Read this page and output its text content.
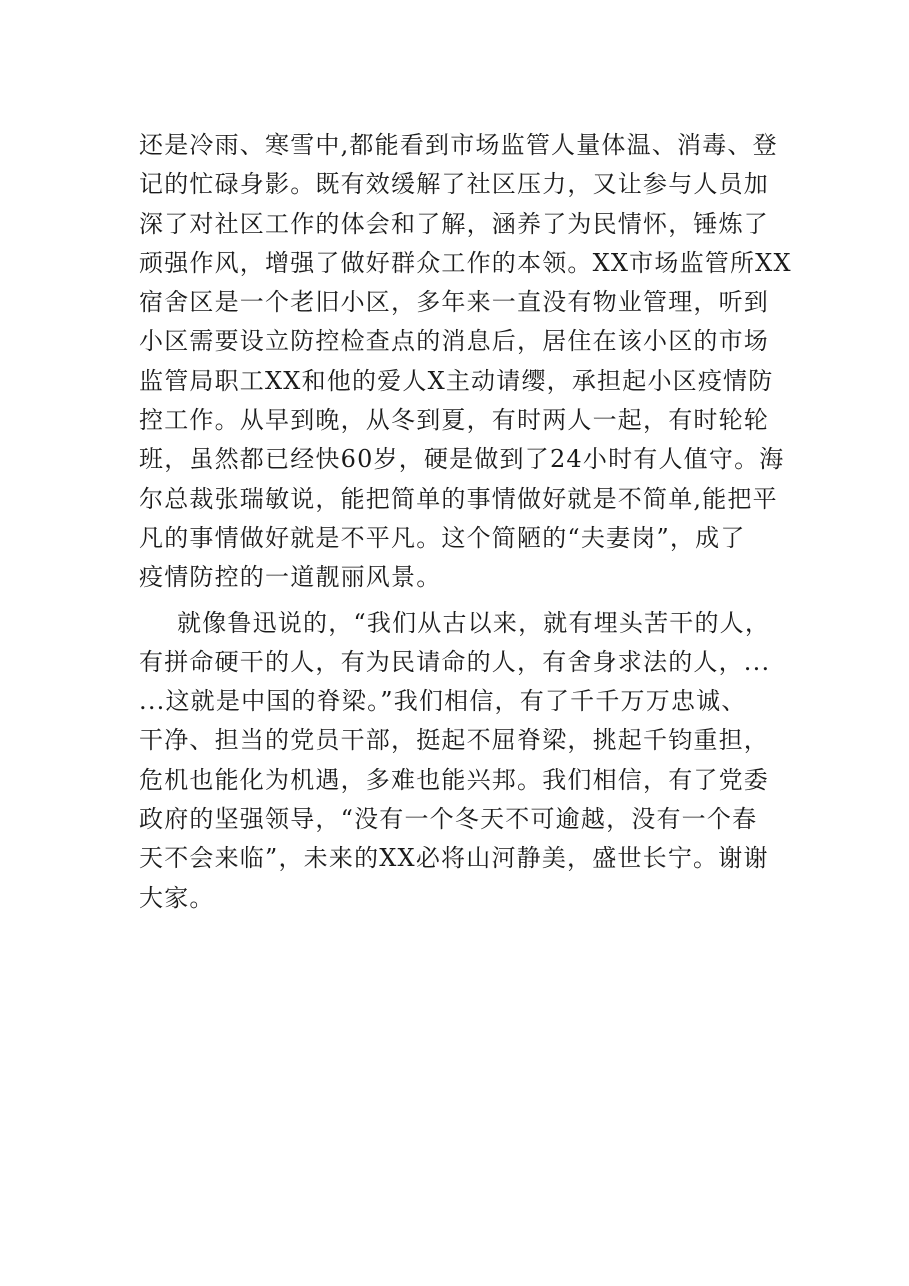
还是冷雨、寒雪中,都能看到市场监管人量体温、消毒、登
记的忙碌身影。既有效缓解了社区压力，又让参与人员加
深了对社区工作的体会和了解，涵养了为民情怀，锤炼了
顽强作风，增强了做好群众工作的本领。XX市场监管所XX
宿舍区是一个老旧小区，多年来一直没有物业管理，听到
小区需要设立防控检查点的消息后，居住在该小区的市场
监管局职工XX和他的爱人X主动请缨，承担起小区疫情防
控工作。从早到晚，从冬到夏，有时两人一起，有时轮轮
班，虽然都已经快60岁，硬是做到了24小时有人值守。海
尔总裁张瑞敏说，能把简单的事情做好就是不简单,能把平
凡的事情做好就是不平凡。这个简陋的“夫妻岗”，成了
疫情防控的一道靓丽风景。
就像鲁迅说的，“我们从古以来，就有埋头苦干的人，
有拼命硬干的人，有为民请命的人，有舍身求法的人，...
...这就是中国的脊梁。”我们相信，有了千千万万忠诚、
干净、担当的党员干部，挺起不屈脊梁，挑起千钧重担，
危机也能化为机遇，多难也能兴邦。我们相信，有了党委
政府的坚强领导，“没有一个冬天不可逾越，没有一个春
天不会来临”，未来的XX必将山河静美，盛世长宁。谢谢
大家。
